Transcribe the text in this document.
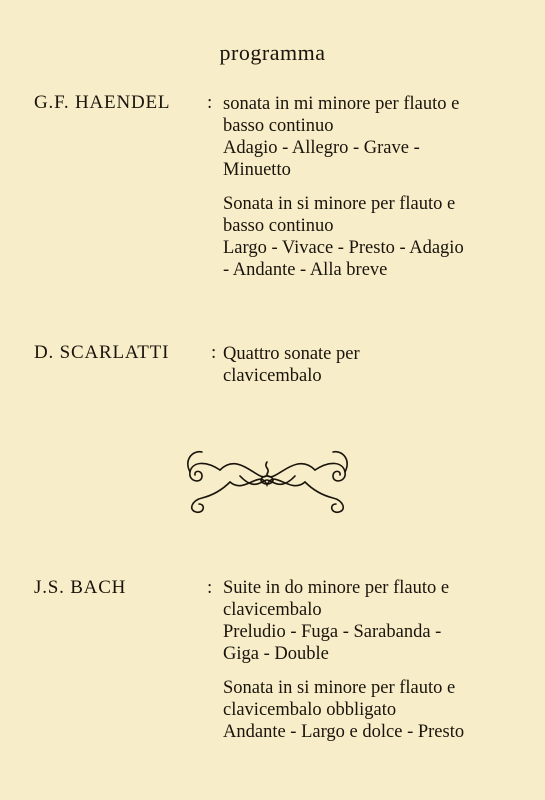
programma
G.F. HAENDEL : sonata in mi minore per flauto e
basso continuo
Adagio - Allegro - Grave -
Minuetto
Sonata in si minore per flauto e
basso continuo
Largo - Vivace - Presto - Adagio
- Andante - Alla breve
D. SCARLATTI : Quattro sonate per
clavicembalo
J.S. BACH	: Suite in do minore per flauto e
clavicembalo
Preludio - Fuga - Sarabanda -
Giga - Double
Sonata in si minore per flauto e
clavicembalo obbligato
Andante - Largo e dolce - Presto
